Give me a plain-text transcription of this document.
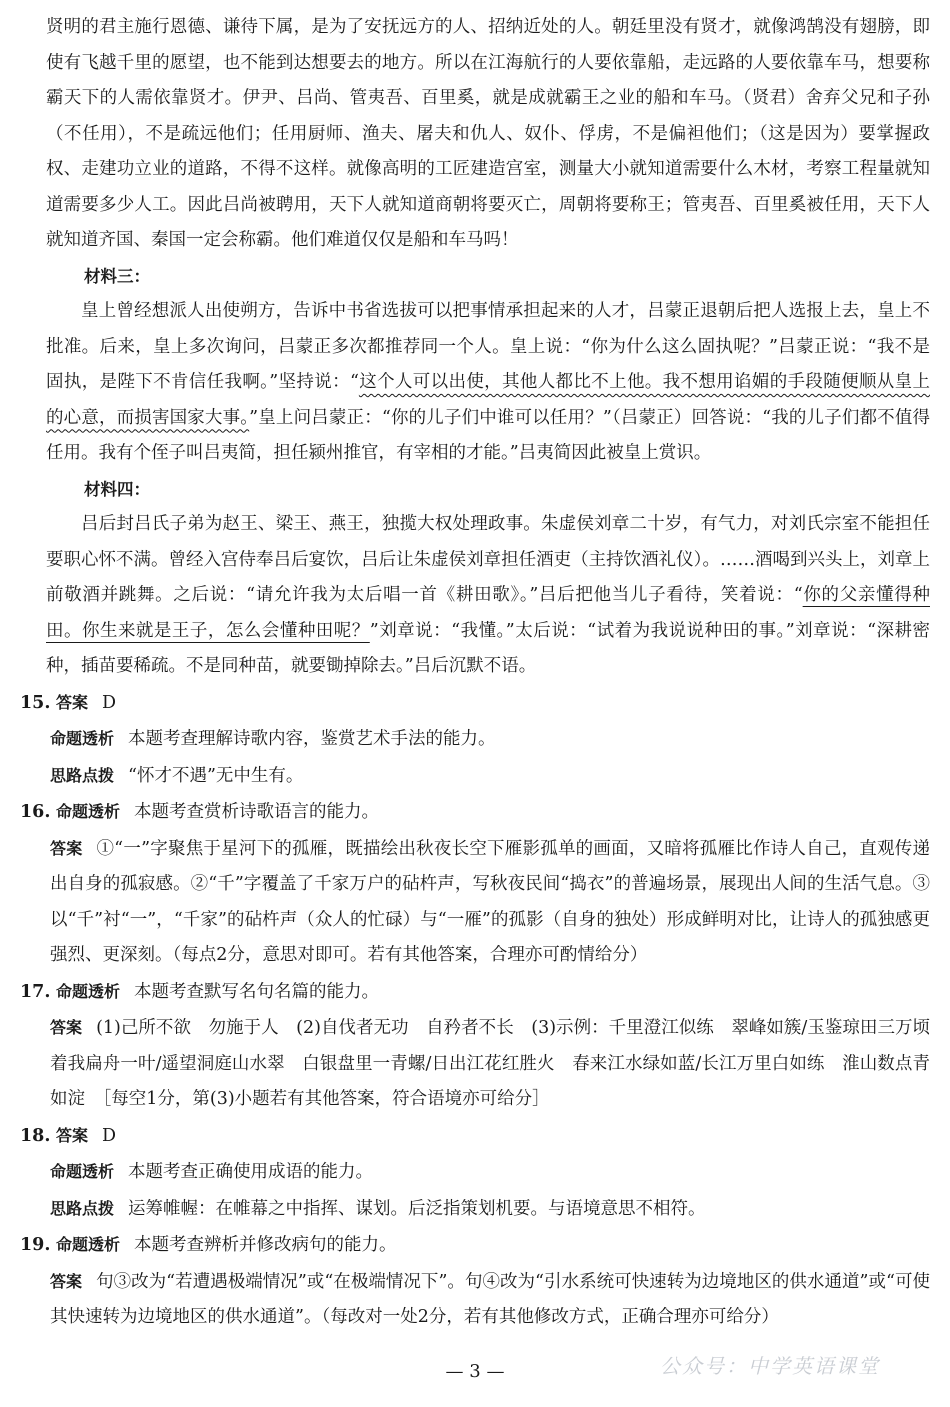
贤明的君主施行恩德、谦待下属，是为了安抚远方的人、招纳近处的人。朝廷里没有贤才，就像鸿鹄没有翅膀，即使有飞越千里的愿望，也不能到达想要去的地方。所以在江海航行的人要依靠船，走远路的人要依靠车马，想要称霸天下的人需依靠贤才。伊尹、吕尚、管夷吾、百里奚，就是成就霸王之业的船和车马。（贤君）舍弃父兄和子孙（不任用），不是疏远他们；任用厨师、渔夫、屠夫和仇人、奴仆、俘虏，不是偏袒他们；（这是因为）要掌握政权、走建功立业的道路，不得不这样。就像高明的工匠建造宫室，测量大小就知道需要什么木材，考察工程量就知道需要多少人工。因此吕尚被聘用，天下人就知道商朝将要灭亡，周朝将要称王；管夷吾、百里奚被任用，天下人就知道齐国、秦国一定会称霸。他们难道仅仅是船和车马吗！

材料三：

皇上曾经想派人出使朔方，告诉中书省选拔可以把事情承担起来的人才，吕蒙正退朝后把人选报上去，皇上不批准。后来，皇上多次询问，吕蒙正多次都推荐同一个人。皇上说：“你为什么这么固执呢？”吕蒙正说：“我不是固执，是陛下不肯信任我啊。”坚持说：“这个人可以出使，其他人都比不上他。我不想用谄媚的手段随便顺从皇上的心意，而损害国家大事。”皇上问吕蒙正：“你的儿子们中谁可以任用？”（吕蒙正）回答说：“我的儿子们都不值得任用。我有个侄子叫吕夷简，担任颍州推官，有宰相的才能。”吕夷简因此被皇上赏识。

材料四：

吕后封吕氏子弟为赵王、梁王、燕王，独揽大权处理政事。朱虚侯刘章二十岁，有气力，对刘氏宗室不能担任要职心怀不满。曾经入宫侍奉吕后宴饮，吕后让朱虚侯刘章担任酒吏（主持饮酒礼仪）。……酒喝到兴头上，刘章上前敬酒并跳舞。之后说：“请允许我为太后唱一首《耕田歌》。”吕后把他当儿子看待，笑着说：“你的父亲懂得种田。你生来就是王子，怎么会懂种田呢？”刘章说：“我懂。”太后说：“试着为我说说种田的事。”刘章说：“深耕密种，插苗要稀疏。不是同种苗，就要锄掉除去。”吕后沉默不语。

15. 答案 D
命题透析 本题考查理解诗歌内容，鉴赏艺术手法的能力。
思路点拨 “怀才不遇”无中生有。
16. 命题透析 本题考查赏析诗歌语言的能力。
答案 ①“一”字聚焦于星河下的孤雁，既描绘出秋夜长空下雁影孤单的画面，又暗将孤雁比作诗人自己，直观传递出自身的孤寂感。②“千”字覆盖了千家万户的砧杵声，写秋夜民间“捣衣”的普遍场景，展现出人间的生活气息。③以“千”衬“一”，“千家”的砧杵声（众人的忙碌）与“一雁”的孤影（自身的独处）形成鲜明对比，让诗人的孤独感更强烈、更深刻。（每点2分，意思对即可。若有其他答案，合理亦可酌情给分）
17. 命题透析 本题考查默写名句名篇的能力。
答案 (1)己所不欲　勿施于人　(2)自伐者无功　自矜者不长　(3)示例：千里澄江似练　翠峰如簇/玉鉴琼田三万顷　着我扁舟一叶/遥望洞庭山水翠　白银盘里一青螺/日出江花红胜火　春来江水绿如蓝/长江万里白如练　淮山数点青如淀　［每空1分，第(3)小题若有其他答案，符合语境亦可给分］
18. 答案 D
命题透析 本题考查正确使用成语的能力。
思路点拨 运筹帷幄：在帷幕之中指挥、谋划。后泛指策划机要。与语境意思不相符。
19. 命题透析 本题考查辨析并修改病句的能力。
答案 句③改为“若遭遇极端情况”或“在极端情况下”。句④改为“引水系统可快速转为边境地区的供水通道”或“可使其快速转为边境地区的供水通道”。（每改对一处2分，若有其他修改方式，正确合理亦可给分）
— 3 —	公众号：中学英语课堂
